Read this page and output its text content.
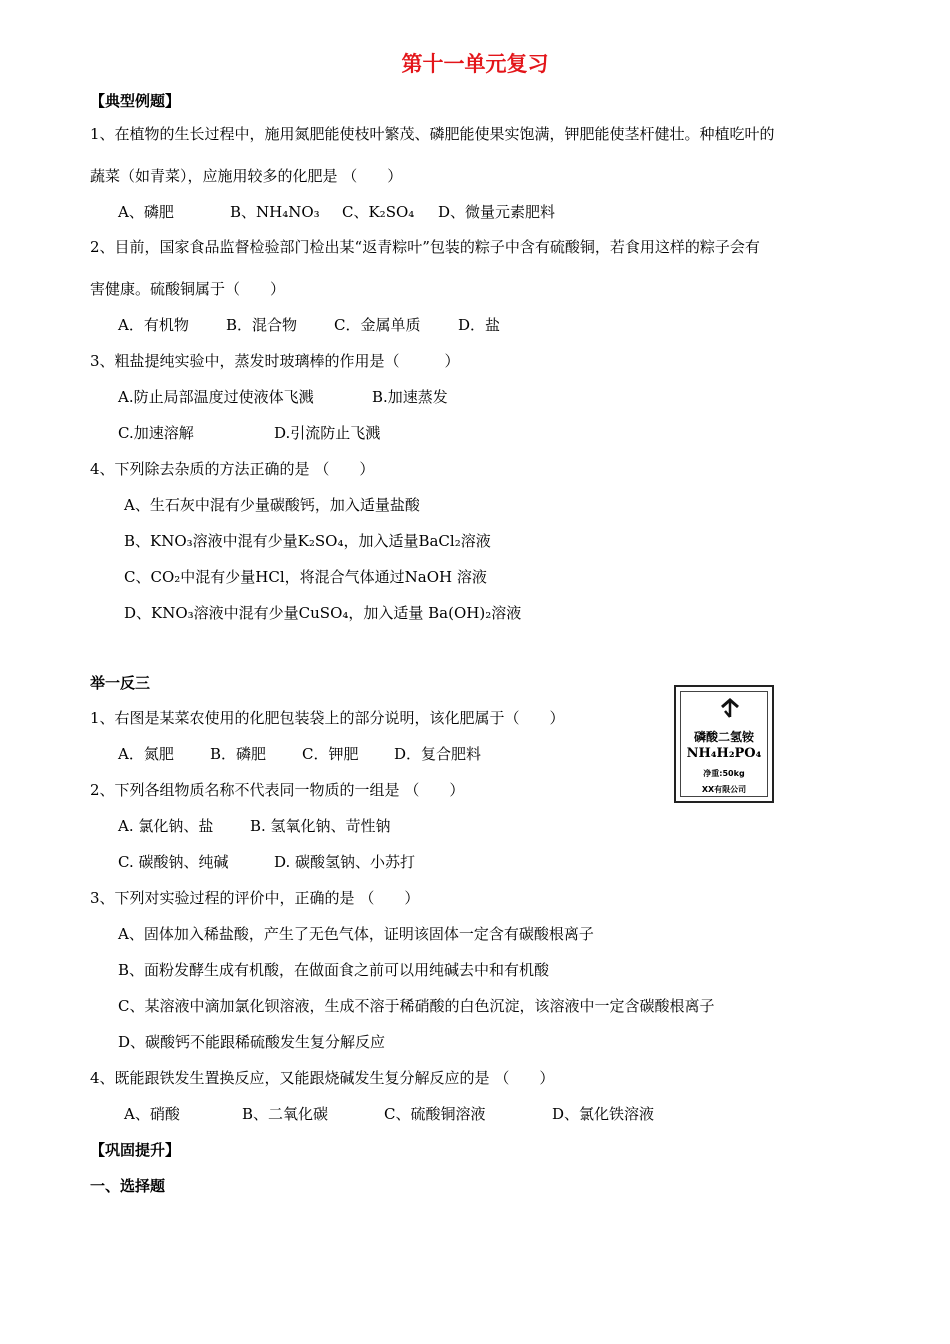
第十一单元复习
【典型例题】
1、在植物的生长过程中，施用氮肥能使枝叶繁茂、磷肥能使果实饱满，钾肥能使茎杆健壮。种植吃叶的
蔬菜（如青菜），应施用较多的化肥是 （　　）
A、磷肥	B、NH₄NO₃ C、K₂SO₄ D、微量元素肥料
2、目前，国家食品监督检验部门检出某“返青粽叶”包装的粽子中含有硫酸铜，若食用这样的粽子会有
害健康。硫酸铜属于（　　）
A．有机物 B．混合物 C．金属单质	D．盐
3、粗盐提纯实验中，蒸发时玻璃棒的作用是（　　　）
A.防止局部温度过使液体飞溅	B.加速蒸发
C.加速溶解	D.引流防止飞溅
4、下列除去杂质的方法正确的是 （　　）
A、生石灰中混有少量碳酸钙，加入适量盐酸
B、KNO₃溶液中混有少量K₂SO₄，加入适量BaCl₂溶液
C、CO₂中混有少量HCl，将混合气体通过NaOH 溶液
D、KNO₃溶液中混有少量CuSO₄，加入适量 Ba(OH)₂溶液
举一反三
1、右图是某菜农使用的化肥包装袋上的部分说明，该化肥属于（　　）
A．氮肥 B．磷肥 C．钾肥 D．复合肥料
磷酸二氢铵
NH₄H₂PO₄
净重:50kg
XX有限公司
2、下列各组物质名称不代表同一物质的一组是 （　　）
A. 氯化钠、盐 B. 氢氧化钠、苛性钠
C. 碳酸钠、纯碱	D. 碳酸氢钠、小苏打
3、下列对实验过程的评价中，正确的是 （　　）
A、固体加入稀盐酸，产生了无色气体，证明该固体一定含有碳酸根离子
B、面粉发酵生成有机酸，在做面食之前可以用纯碱去中和有机酸
C、某溶液中滴加氯化钡溶液，生成不溶于稀硝酸的白色沉淀，该溶液中一定含碳酸根离子
D、碳酸钙不能跟稀硫酸发生复分解反应
4、既能跟铁发生置换反应，又能跟烧碱发生复分解反应的是 （　　）
A、硝酸	B、二氧化碳	C、硫酸铜溶液	D、氯化铁溶液
【巩固提升】
一、选择题
